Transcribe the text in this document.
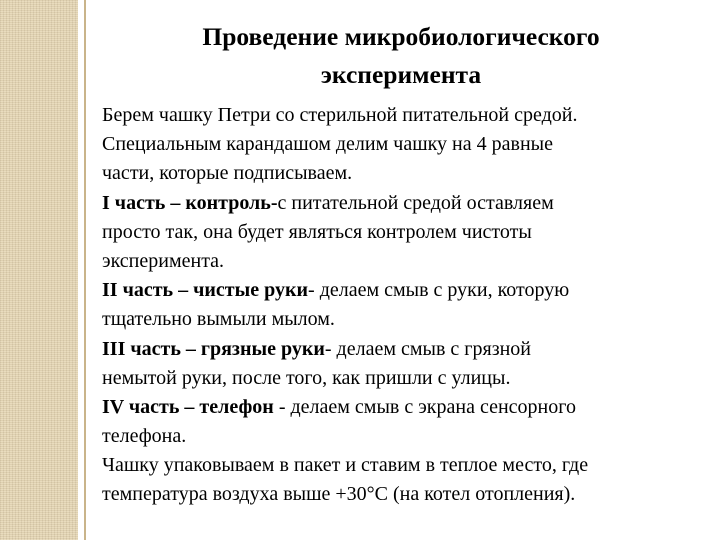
Проведение микробиологического
эксперимента
Берем чашку Петри со стерильной питательной средой.
Специальным карандашом делим чашку на 4 равные
части, которые подписываем.
I часть – контроль-с питательной средой оставляем
просто так, она будет являться контролем чистоты
эксперимента.
II часть – чистые руки- делаем смыв с руки, которую
тщательно вымыли мылом.
III часть – грязные руки- делаем смыв с грязной
немытой руки, после того, как пришли с улицы.
IV часть – телефон - делаем смыв с экрана сенсорного
телефона.
Чашку упаковываем в пакет и ставим в теплое место, где
температура воздуха выше +30°С (на котел отопления).
